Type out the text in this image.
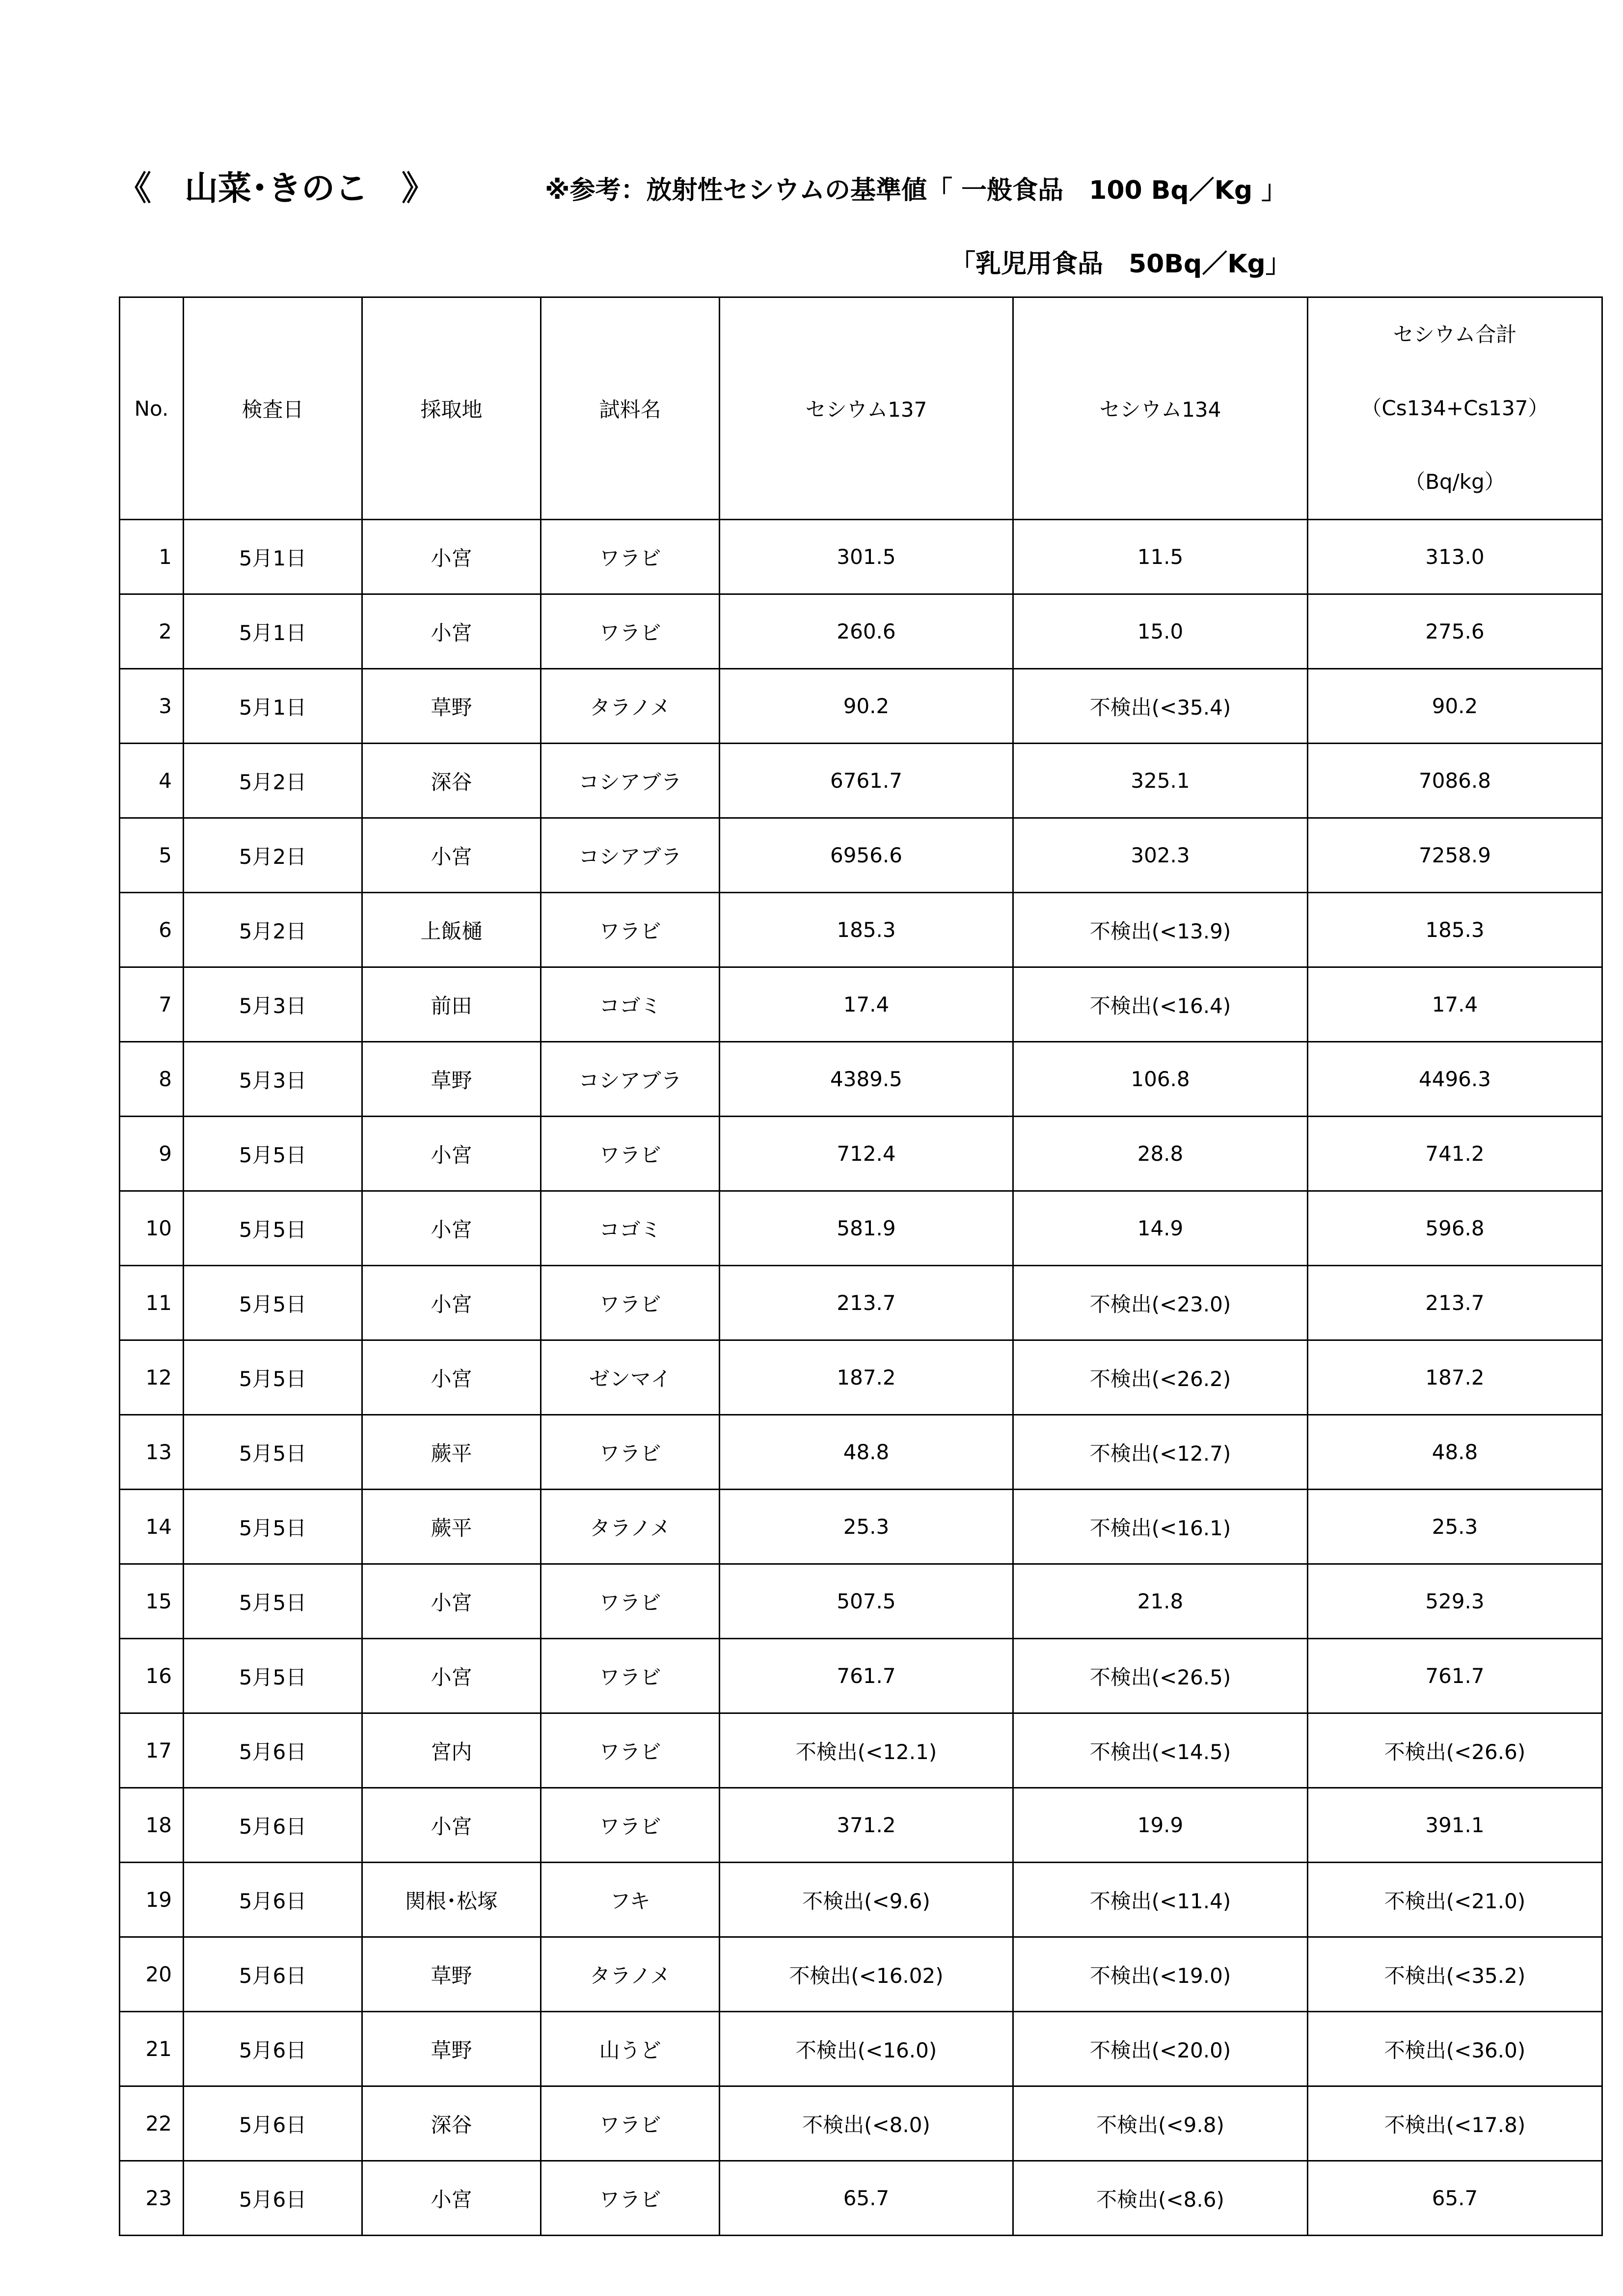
《　山菜･きのこ　》	※参考：放射性セシウムの基準値「 一般食品　100 Bq／Kg 」
「乳児用食品　50Bq／Kg」
No.	検査日	採取地	試料名	セシウム137	セシウム134	セシウム合計
（Cs134+Cs137）
（Bq/kg）

1	5月1日	小宮	ワラビ	301.5	11.5	313.0
2	5月1日	小宮	ワラビ	260.6	15.0	275.6
3	5月1日	草野	タラノメ	90.2	不検出(<35.4)	90.2
4	5月2日	深谷	コシアブラ	6761.7	325.1	7086.8
5	5月2日	小宮	コシアブラ	6956.6	302.3	7258.9
6	5月2日	上飯樋	ワラビ	185.3	不検出(<13.9)	185.3
7	5月3日	前田	コゴミ	17.4	不検出(<16.4)	17.4
8	5月3日	草野	コシアブラ	4389.5	106.8	4496.3
9	5月5日	小宮	ワラビ	712.4	28.8	741.2
10	5月5日	小宮	コゴミ	581.9	14.9	596.8
11	5月5日	小宮	ワラビ	213.7	不検出(<23.0)	213.7
12	5月5日	小宮	ゼンマイ	187.2	不検出(<26.2)	187.2
13	5月5日	蕨平	ワラビ	48.8	不検出(<12.7)	48.8
14	5月5日	蕨平	タラノメ	25.3	不検出(<16.1)	25.3
15	5月5日	小宮	ワラビ	507.5	21.8	529.3
16	5月5日	小宮	ワラビ	761.7	不検出(<26.5)	761.7
17	5月6日	宮内	ワラビ	不検出(<12.1)	不検出(<14.5)	不検出(<26.6)
18	5月6日	小宮	ワラビ	371.2	19.9	391.1
19	5月6日	関根･松塚	フキ	不検出(<9.6)	不検出(<11.4)	不検出(<21.0)
20	5月6日	草野	タラノメ	不検出(<16.02)	不検出(<19.0)	不検出(<35.2)
21	5月6日	草野	山うど	不検出(<16.0)	不検出(<20.0)	不検出(<36.0)
22	5月6日	深谷	ワラビ	不検出(<8.0)	不検出(<9.8)	不検出(<17.8)
23	5月6日	小宮	ワラビ	65.7	不検出(<8.6)	65.7
